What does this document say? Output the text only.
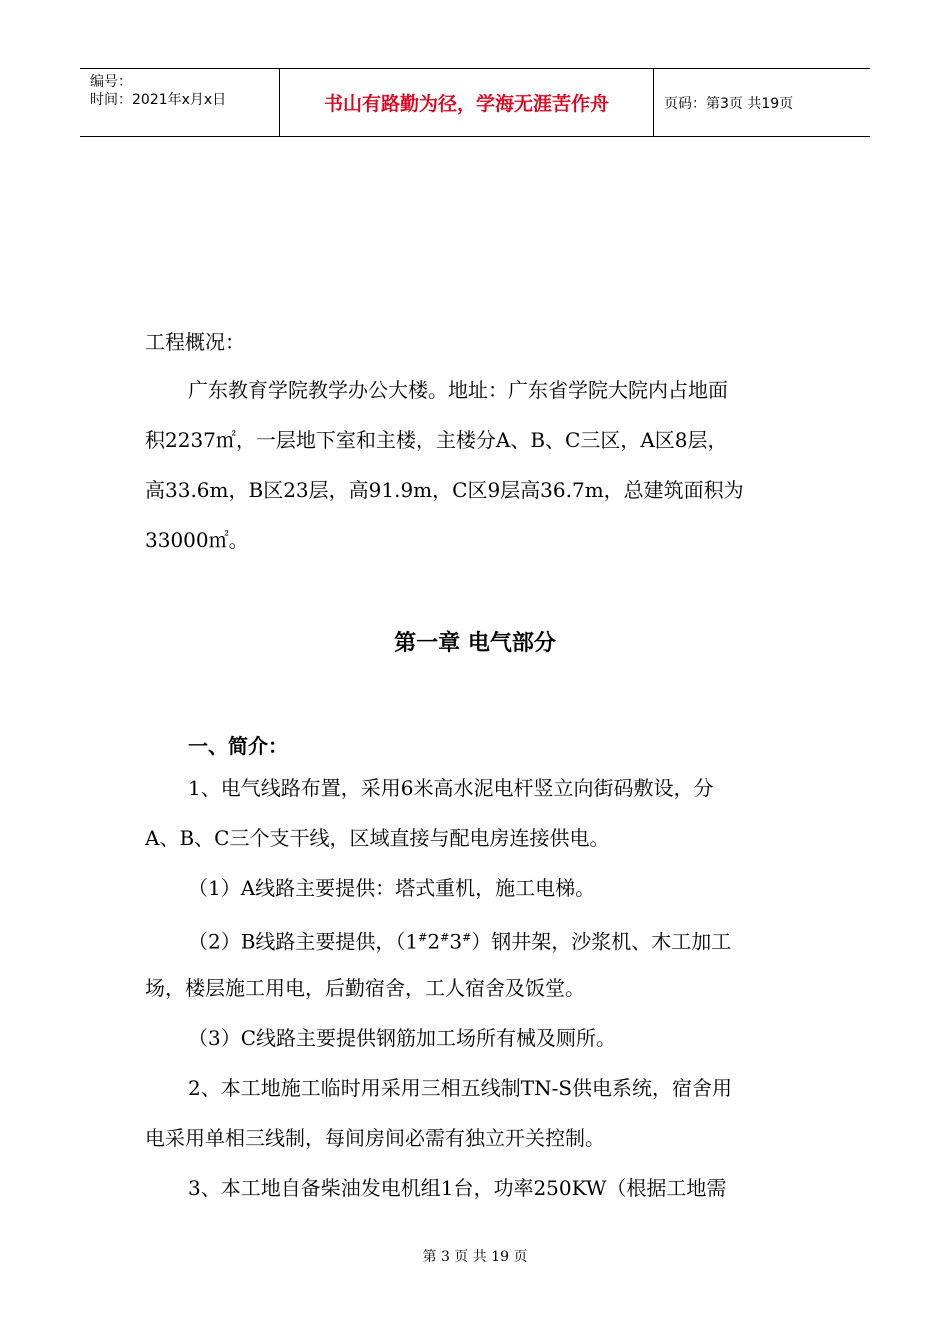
编号：
时间：2021年x月x日	书山有路勤为径，学海无涯苦作舟	页码：第3页 共19页
工程概况：
广东教育学院教学办公大楼。地址：广东省学院大院内占地面
积2237㎡，一层地下室和主楼，主楼分A、B、C三区，A区8层，
高33.6m，B区23层，高91.9m，C区9层高36.7m，总建筑面积为
33000㎡。
第一章 电气部分
一、简介：
1、电气线路布置，采用6米高水泥电杆竖立向街码敷设，分
A、B、C三个支干线，区域直接与配电房连接供电。
（1）A线路主要提供：塔式重机，施工电梯。
（2）B线路主要提供，（1#2#3#）钢井架，沙浆机、木工加工
场，楼层施工用电，后勤宿舍，工人宿舍及饭堂。
（3）C线路主要提供钢筋加工场所有械及厕所。
2、本工地施工临时用采用三相五线制TN-S供电系统，宿舍用
电采用单相三线制，每间房间必需有独立开关控制。
3、本工地自备柴油发电机组1台，功率250KW（根据工地需
第 3 页 共 19 页
